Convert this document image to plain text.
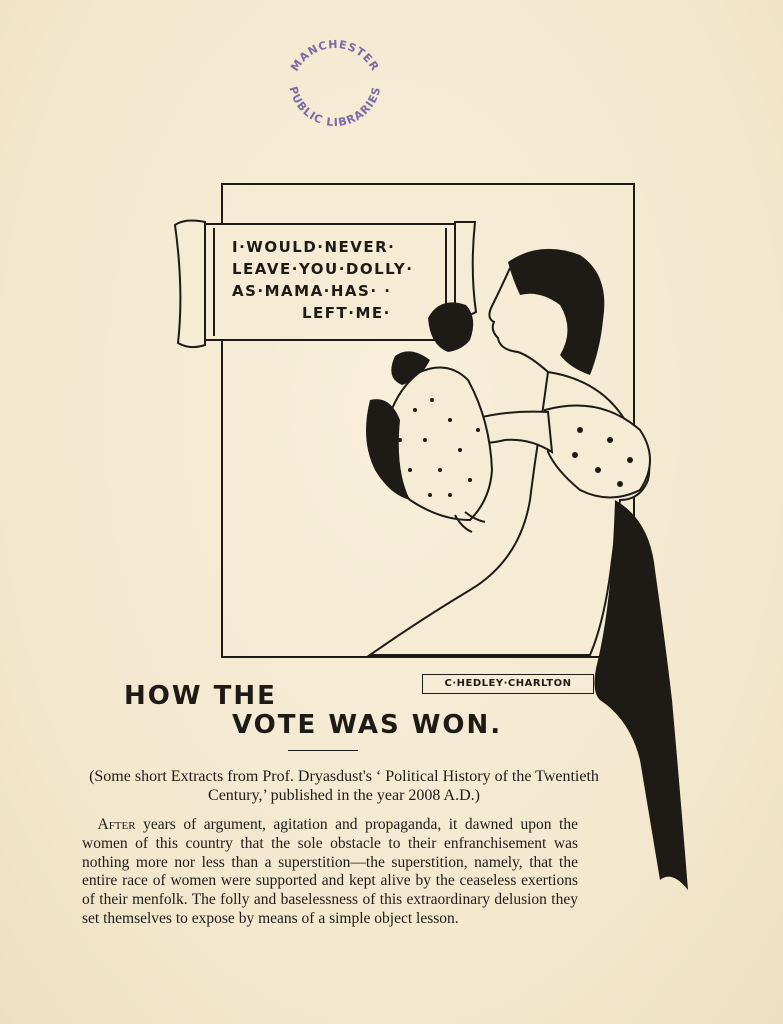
MANCHESTER
PUBLIC LIBRARIES
I·WOULD·NEVER·
LEAVE·YOU·DOLLY·
AS·MAMA·HAS· ·
LEFT·ME·
C·HEDLEY·CHARLTON
HOW THE
VOTE WAS WON.
(Some short Extracts from Prof. Dryasdust's ‘ Political History of the Twentieth Century,’ published in the year 2008 A.D.)
 After years of argument, agitation and propaganda, it dawned upon the women of this country that the sole obstacle to their enfranchisement was nothing more nor less than a superstition—the superstition, namely, that the entire race of women were supported and kept alive by the ceaseless exertions of their menfolk. The folly and baselessness of this extraordinary delusion they set themselves to expose by means of a simple object lesson.
